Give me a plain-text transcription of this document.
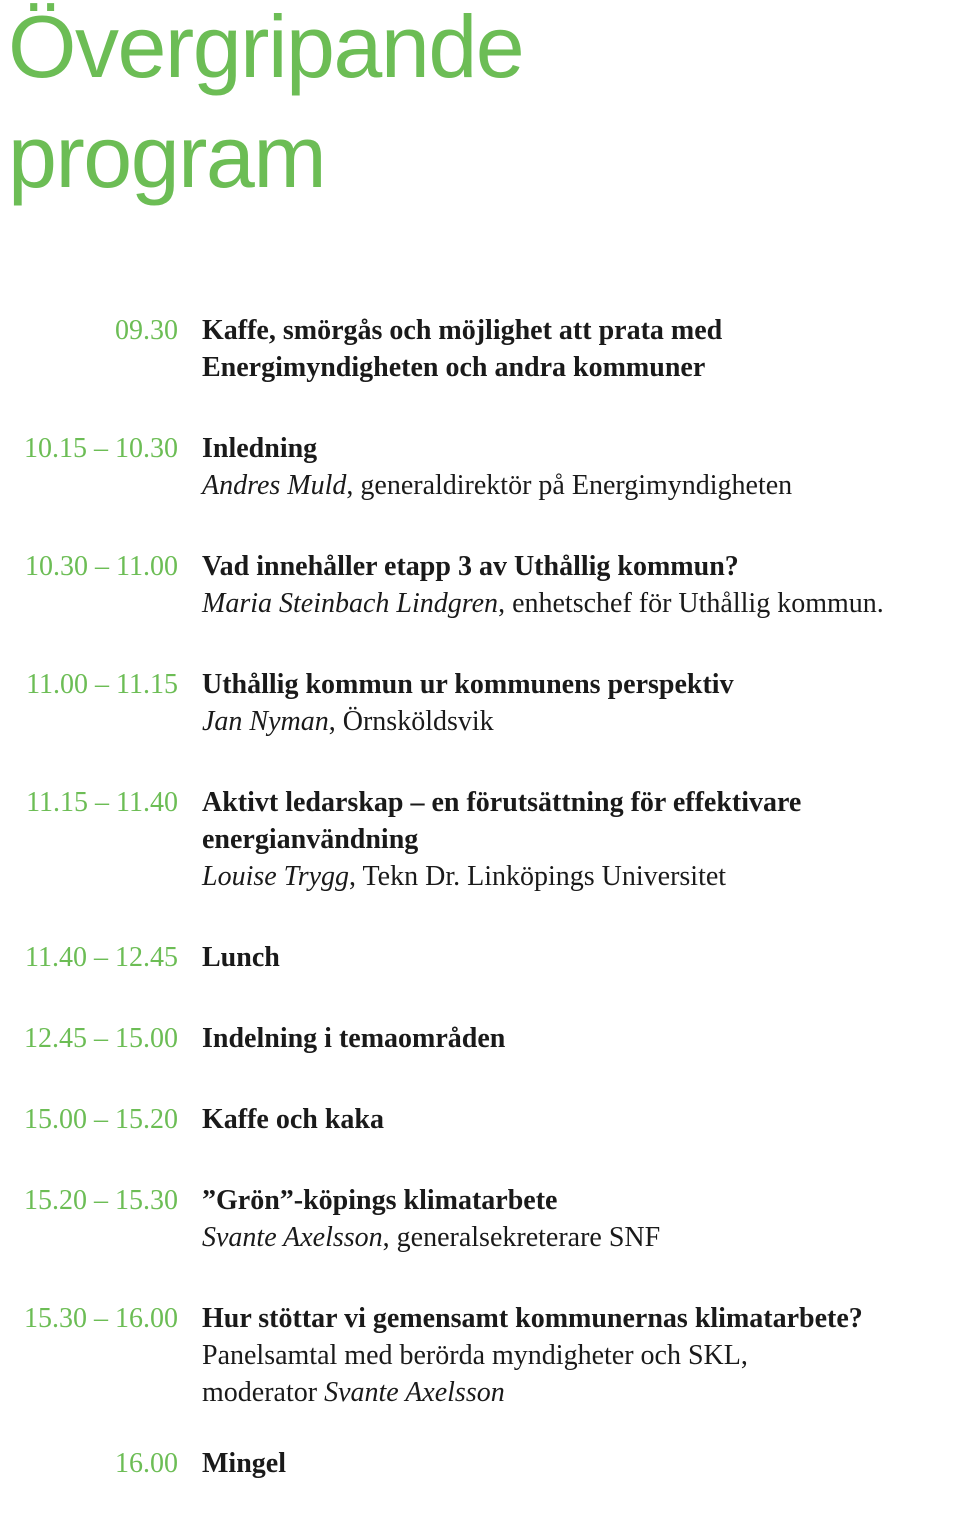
Övergripande
program
09.30 Kaffe, smörgås och möjlighet att prata med
Energimyndigheten och andra kommuner
10.15 – 10.30 Inledning
Andres Muld, generaldirektör på Energimyndigheten
10.30 – 11.00 Vad innehåller etapp 3 av Uthållig kommun?
Maria Steinbach Lindgren, enhetschef för Uthållig kommun.
11.00 – 11.15 Uthållig kommun ur kommunens perspektiv
Jan Nyman, Örnsköldsvik
11.15 – 11.40 Aktivt ledarskap – en förutsättning för effektivare
energianvändning
Louise Trygg, Tekn Dr. Linköpings Universitet
11.40 – 12.45 Lunch
12.45 – 15.00 Indelning i temaområden
15.00 – 15.20 Kaffe och kaka
15.20 – 15.30 ”Grön”-köpings klimatarbete
Svante Axelsson, generalsekreterare SNF
15.30 – 16.00 Hur stöttar vi gemensamt kommunernas klimatarbete?
Panelsamtal med berörda myndigheter och SKL,
moderator Svante Axelsson
16.00 Mingel
